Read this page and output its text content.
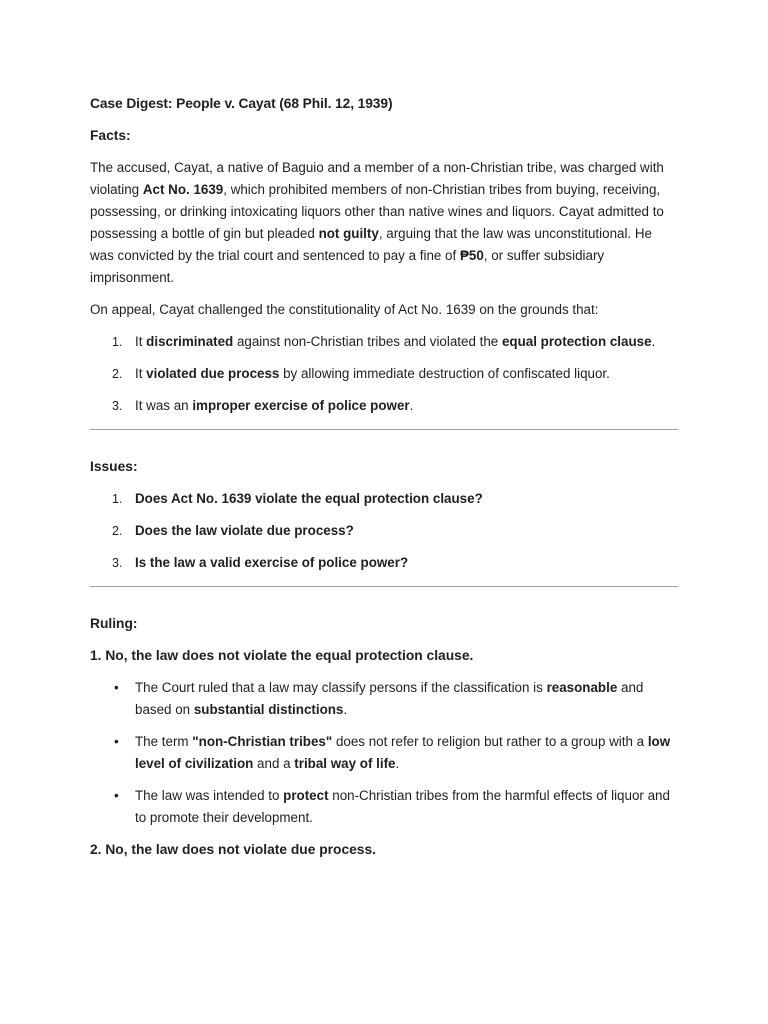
Case Digest: People v. Cayat (68 Phil. 12, 1939)
Facts:

The accused, Cayat, a native of Baguio and a member of a non-Christian tribe, was charged with violating Act No. 1639, which prohibited members of non-Christian tribes from buying, receiving, possessing, or drinking intoxicating liquors other than native wines and liquors. Cayat admitted to possessing a bottle of gin but pleaded not guilty, arguing that the law was unconstitutional. He was convicted by the trial court and sentenced to pay a fine of ₱50, or suffer subsidiary imprisonment.

On appeal, Cayat challenged the constitutionality of Act No. 1639 on the grounds that:

1. It discriminated against non-Christian tribes and violated the equal protection clause.
2. It violated due process by allowing immediate destruction of confiscated liquor.
3. It was an improper exercise of police power.
Issues:
1. Does Act No. 1639 violate the equal protection clause?
2. Does the law violate due process?
3. Is the law a valid exercise of police power?
Ruling:
1. No, the law does not violate the equal protection clause.
• The Court ruled that a law may classify persons if the classification is reasonable and based on substantial distinctions.
• The term "non-Christian tribes" does not refer to religion but rather to a group with a low level of civilization and a tribal way of life.
• The law was intended to protect non-Christian tribes from the harmful effects of liquor and to promote their development.
2. No, the law does not violate due process.
